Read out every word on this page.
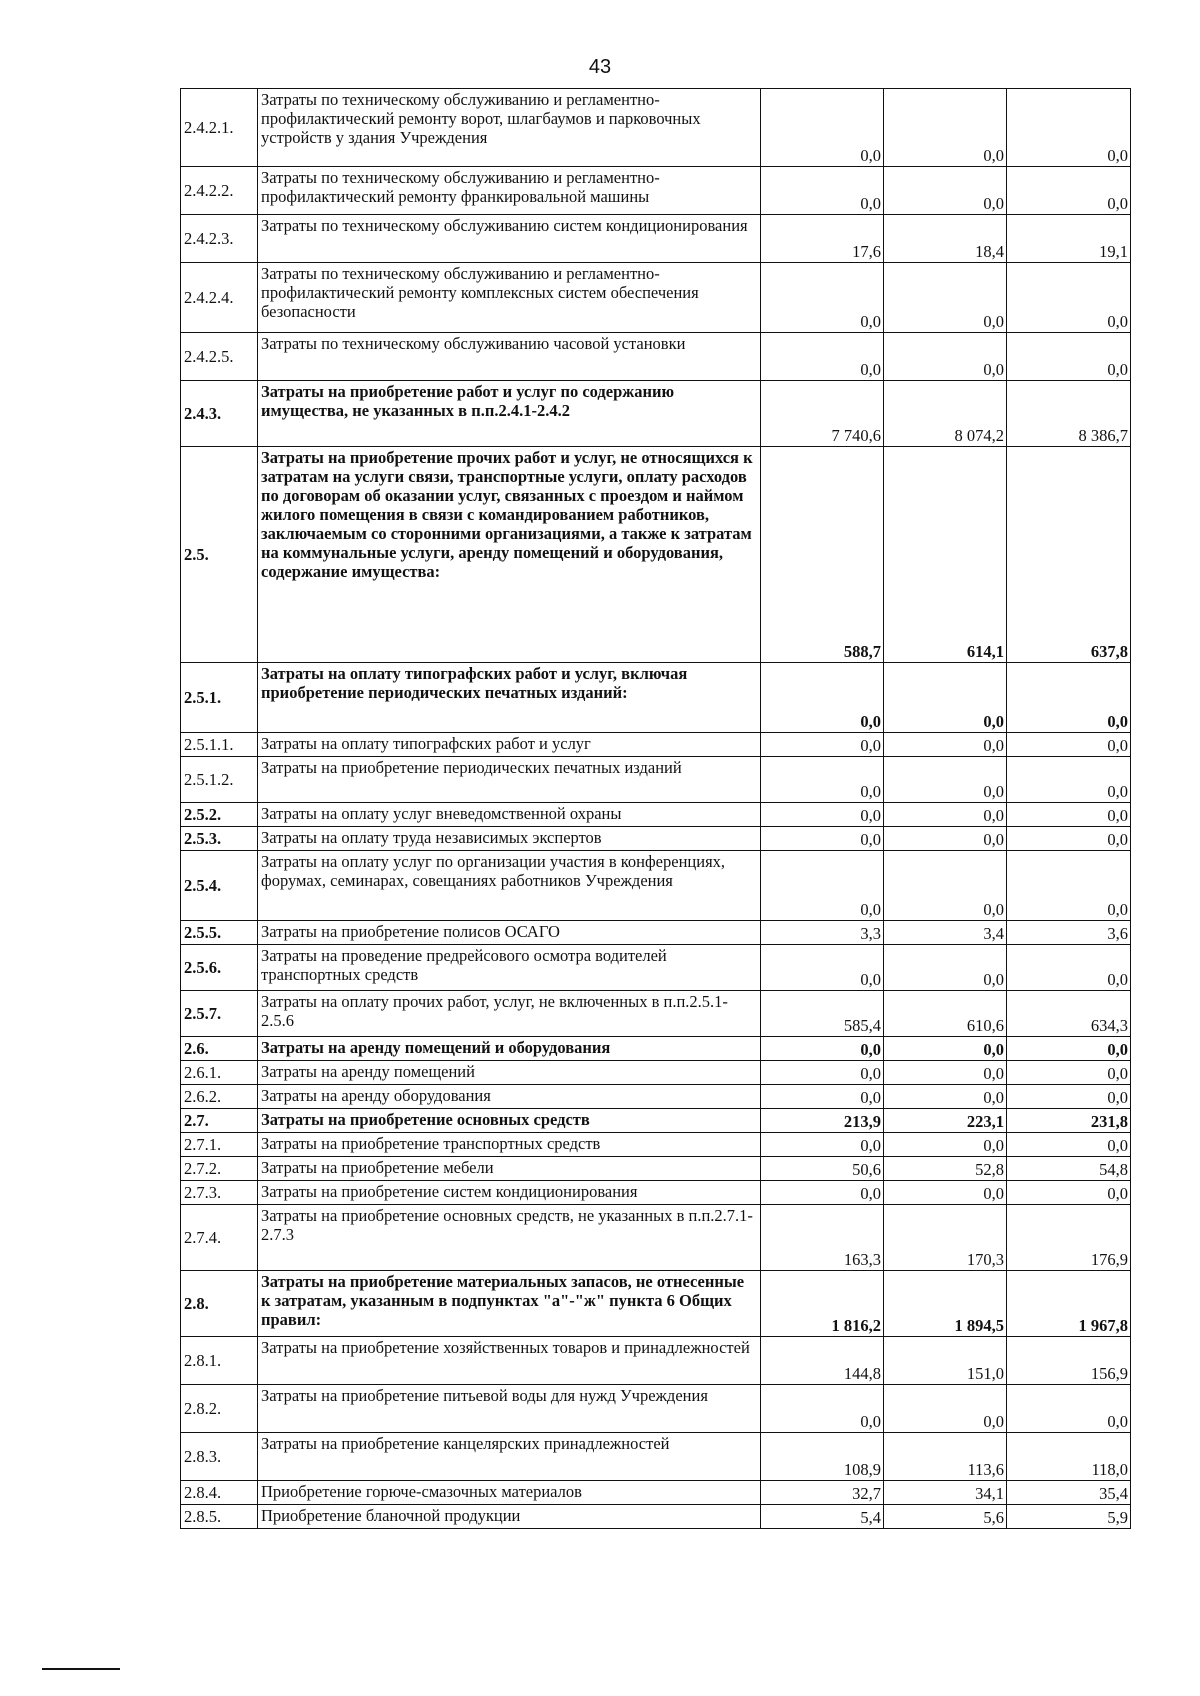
43
2.4.2.1.	Затраты по техническому обслуживанию и регламентно-профилактический ремонту ворот, шлагбаумов и парковочных устройств у здания Учреждения	0,0	0,0	0,0
2.4.2.2.	Затраты по техническому обслуживанию и регламентно-профилактический ремонту франкировальной машины	0,0	0,0	0,0
2.4.2.3.	Затраты по техническому обслуживанию систем кондиционирования	17,6	18,4	19,1
2.4.2.4.	Затраты по техническому обслуживанию и регламентно-профилактический ремонту комплексных систем обеспечения безопасности	0,0	0,0	0,0
2.4.2.5.	Затраты по техническому обслуживанию часовой установки	0,0	0,0	0,0
2.4.3.	Затраты на приобретение работ и услуг по содержанию имущества, не указанных в п.п.2.4.1-2.4.2	7 740,6	8 074,2	8 386,7
2.5.	Затраты на приобретение прочих работ и услуг, не относящихся к затратам на услуги связи, транспортные услуги, оплату расходов по договорам об оказании услуг, связанных с проездом и наймом жилого помещения в связи с командированием работников, заключаемым со сторонними организациями, а также к затратам на коммунальные услуги, аренду помещений и оборудования, содержание имущества:	588,7	614,1	637,8
2.5.1.	Затраты на оплату типографских работ и услуг, включая приобретение периодических печатных изданий:	0,0	0,0	0,0
2.5.1.1.	Затраты на оплату типографских работ и услуг	0,0	0,0	0,0
2.5.1.2.	Затраты на приобретение периодических печатных изданий	0,0	0,0	0,0
2.5.2.	Затраты на оплату услуг вневедомственной охраны	0,0	0,0	0,0
2.5.3.	Затраты на оплату труда независимых экспертов	0,0	0,0	0,0
2.5.4.	Затраты на оплату услуг по организации участия в конференциях, форумах, семинарах, совещаниях работников Учреждения	0,0	0,0	0,0
2.5.5.	Затраты на приобретение полисов ОСАГО	3,3	3,4	3,6
2.5.6.	Затраты на проведение предрейсового осмотра водителей транспортных средств	0,0	0,0	0,0
2.5.7.	Затраты на оплату прочих работ, услуг, не включенных в п.п.2.5.1-2.5.6	585,4	610,6	634,3
2.6.	Затраты на аренду помещений и оборудования	0,0	0,0	0,0
2.6.1.	Затраты на аренду помещений	0,0	0,0	0,0
2.6.2.	Затраты на аренду оборудования	0,0	0,0	0,0
2.7.	Затраты на приобретение основных средств	213,9	223,1	231,8
2.7.1.	Затраты на приобретение транспортных средств	0,0	0,0	0,0
2.7.2.	Затраты на приобретение мебели	50,6	52,8	54,8
2.7.3.	Затраты на приобретение систем кондиционирования	0,0	0,0	0,0
2.7.4.	Затраты на приобретение основных средств, не указанных в п.п.2.7.1-2.7.3	163,3	170,3	176,9
2.8.	Затраты на приобретение материальных запасов, не отнесенные к затратам, указанным в подпунктах "а"-"ж" пункта 6 Общих правил:	1 816,2	1 894,5	1 967,8
2.8.1.	Затраты на приобретение хозяйственных товаров и принадлежностей	144,8	151,0	156,9
2.8.2.	Затраты на приобретение питьевой воды для нужд Учреждения	0,0	0,0	0,0
2.8.3.	Затраты на приобретение канцелярских принадлежностей	108,9	113,6	118,0
2.8.4.	Приобретение горюче-смазочных материалов	32,7	34,1	35,4
2.8.5.	Приобретение бланочной продукции	5,4	5,6	5,9
